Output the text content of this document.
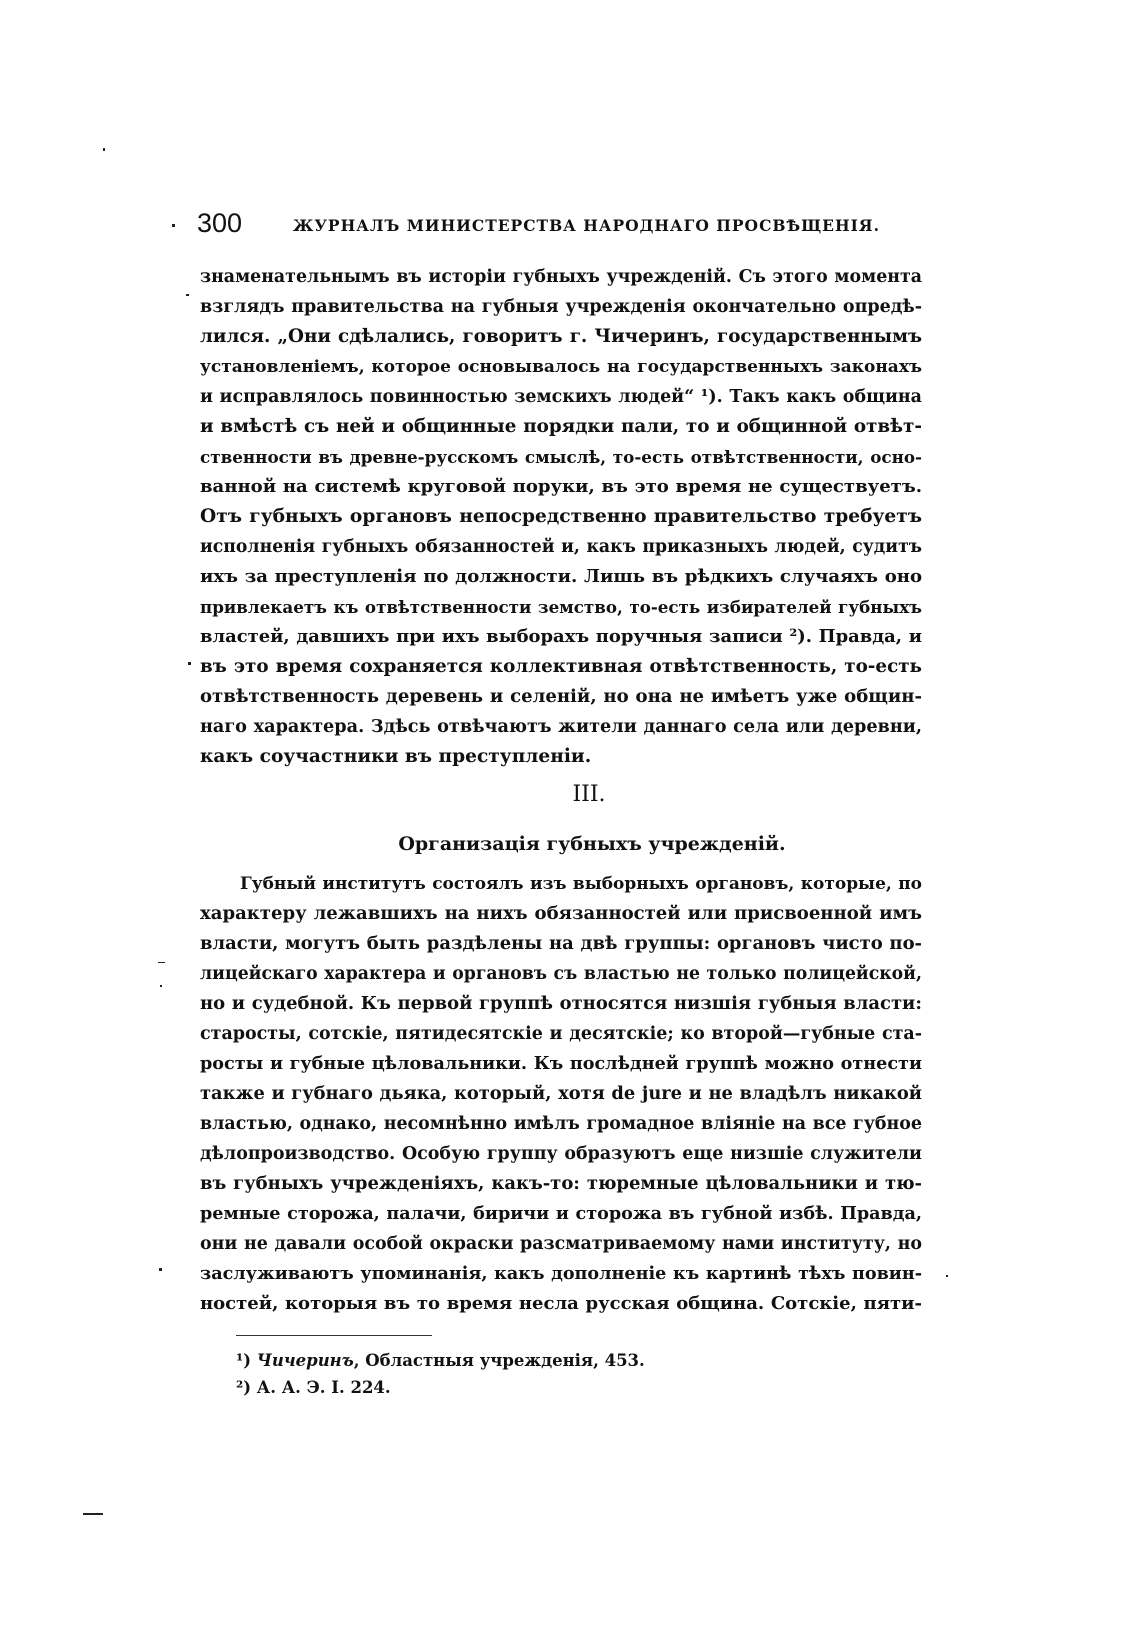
300	ЖУРНАЛЪ МИНИСТЕРСТВА НАРОДНАГО ПРОСВѢЩЕНІЯ.
знаменательнымъ въ исторіи губныхъ учрежденій. Съ этого момента
взглядъ правительства на губныя учрежденія окончательно опредѣ-
лился. „Они сдѣлались, говоритъ г. Чичеринъ, государственнымъ
установленіемъ, которое основывалось на государственныхъ законахъ
и исправлялось повинностью земскихъ людей“ ¹). Такъ какъ община
и вмѣстѣ съ ней и общинные порядки пали, то и общинной отвѣт-
ственности въ древне-русскомъ смыслѣ, то-есть отвѣтственности, осно-
ванной на системѣ круговой поруки, въ это время не существуетъ.
Отъ губныхъ органовъ непосредственно правительство требуетъ
исполненія губныхъ обязанностей и, какъ приказныхъ людей, судитъ
ихъ за преступленія по должности. Лишь въ рѣдкихъ случаяхъ оно
привлекаетъ къ отвѣтственности земство, то-есть избирателей губныхъ
властей, давшихъ при ихъ выборахъ поручныя записи ²). Правда, и
въ это время сохраняется коллективная отвѣтственность, то-есть
отвѣтственность деревень и селеній, но она не имѣетъ уже общин-
наго характера. Здѣсь отвѣчаютъ жители даннаго села или деревни,
какъ соучастники въ преступленіи.
III.
Организація губныхъ учрежденій.
Губный институтъ состоялъ изъ выборныхъ органовъ, которые, по
характеру лежавшихъ на нихъ обязанностей или присвоенной имъ
власти, могутъ быть раздѣлены на двѣ группы: органовъ чисто по-
лицейскаго характера и органовъ съ властью не только полицейской,
но и судебной. Къ первой группѣ относятся низшія губныя власти:
старосты, сотскіе, пятидесятскіе и десятскіе; ко второй—губные ста-
росты и губные цѣловальники. Къ послѣдней группѣ можно отнести
также и губнаго дьяка, который, хотя de jure и не владѣлъ никакой
властью, однако, несомнѣнно имѣлъ громадное вліяніе на все губное
дѣлопроизводство. Особую группу образуютъ еще низшіе служители
въ губныхъ учрежденіяхъ, какъ-то: тюремные цѣловальники и тю-
ремные сторожа, палачи, биричи и сторожа въ губной избѣ. Правда,
они не давали особой окраски разсматриваемому нами институту, но
заслуживаютъ упоминанія, какъ дополненіе къ картинѣ тѣхъ повин-
ностей, которыя въ то время несла русская община. Сотскіе, пяти-
¹) Чичеринъ, Областныя учрежденія, 453.
²) А. А. Э. I. 224.
